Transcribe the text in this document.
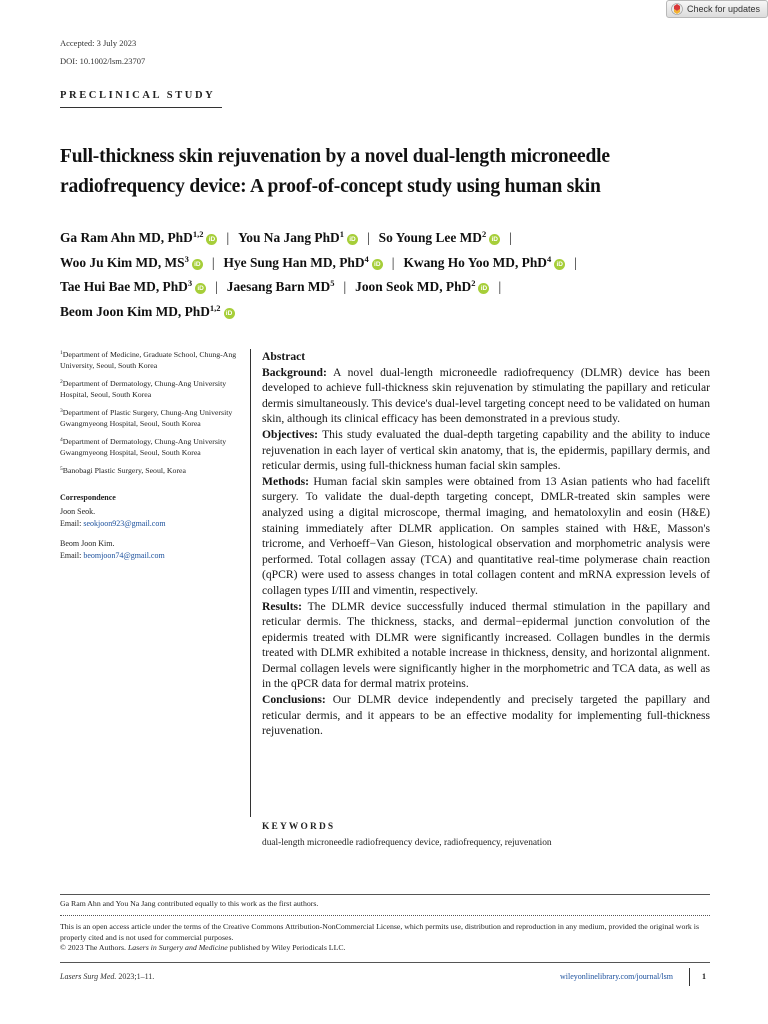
Check for updates
Accepted: 3 July 2023
DOI: 10.1002/lsm.23707
PRECLINICAL STUDY
Full-thickness skin rejuvenation by a novel dual-length microneedle radiofrequency device: A proof-of-concept study using human skin
Ga Ram Ahn MD, PhD$^{1,2}$iD | You Na Jang PhD$^1$iD | So Young Lee $MD^2iD$ |
Woo Ju Kim MD, $MS^3iD$ | Hye Sung Han MD, PhD$^4$iD | Kwang Ho Yoo MD, PhD$^4$iD |
Tae Hui Bae MD, PhD$^3$iD | Jaesang Barn $MD^5$ | Joon Seok MD, PhD$^2$iD |
Beom Joon Kim MD, PhD$^{1,2}$iD
$^1$Department of Medicine, Graduate School, Chung-Ang University, Seoul, South Korea
$^2$Department of Dermatology, Chung-Ang University Hospital, Seoul, South Korea
$^3$Department of Plastic Surgery, Chung-Ang University Gwangmyeong Hospital, Seoul, South Korea
$^4$Department of Dermatology, Chung-Ang University Gwangmyeong Hospital, Seoul, South Korea
$^5$Banobagi Plastic Surgery, Seoul, Korea
Correspondence
Joon Seok.
Email: seokjoon923@gmail.com
Beom Joon Kim.
Email: beomjoon74@gmail.com
Abstract

Background: A novel dual-length microneedle radiofrequency (DLMR) device has been developed to achieve full-thickness skin rejuvenation by stimulating the papillary and reticular dermis simultaneously. This device's dual-level targeting concept need to be validated on human skin, although its clinical efficacy has been demonstrated in a previous study.

Objectives: This study evaluated the dual-depth targeting capability and the ability to induce rejuvenation in each layer of vertical skin anatomy, that is, the epidermis, papillary dermis, and reticular dermis, using full-thickness human facial skin samples.

Methods: Human facial skin samples were obtained from 13 Asian patients who had facelift surgery. To validate the dual-depth targeting concept, DMLR-treated skin samples were analyzed using a digital microscope, thermal imaging, and hematoloxylin and eosin (H&E) staining immediately after DLMR application. On samples stained with H&E, Masson's tricrome, and Verhoeff−Van Gieson, histological observation and morphometric analysis were performed. Total collagen assay (TCA) and quantitative real-time polymerase chain reaction (qPCR) were used to assess changes in total collagen content and mRNA expression levels of collagen types I/III and vimentin, respectively.

Results: The DLMR device successfully induced thermal stimulation in the papillary and reticular dermis. The thickness, stacks, and dermal−epidermal junction convolution of the epidermis treated with DLMR were significantly increased. Collagen bundles in the dermis treated with DLMR exhibited a notable increase in thickness, density, and horizontal alignment. Dermal collagen levels were significantly higher in the morphometric and TCA data, as well as in the qPCR data for dermal matrix proteins.

Conclusions: Our DLMR device independently and precisely targeted the papillary and reticular dermis, and it appears to be an effective modality for implementing full-thickness rejuvenation.

KEYWORDS
dual-length microneedle radiofrequency device, radiofrequency, rejuvenation
Ga Ram Ahn and You Na Jang contributed equally to this work as the first authors.
This is an open access article under the terms of the Creative Commons Attribution-NonCommercial License, which permits use, distribution and reproduction in any medium, provided the original work is properly cited and is not used for commercial purposes.
© 2023 The Authors. Lasers in Surgery and Medicine published by Wiley Periodicals LLC.
Lasers Surg Med. 2023;1–11.	wileyonlinelibrary.com/journal/lsm	1
